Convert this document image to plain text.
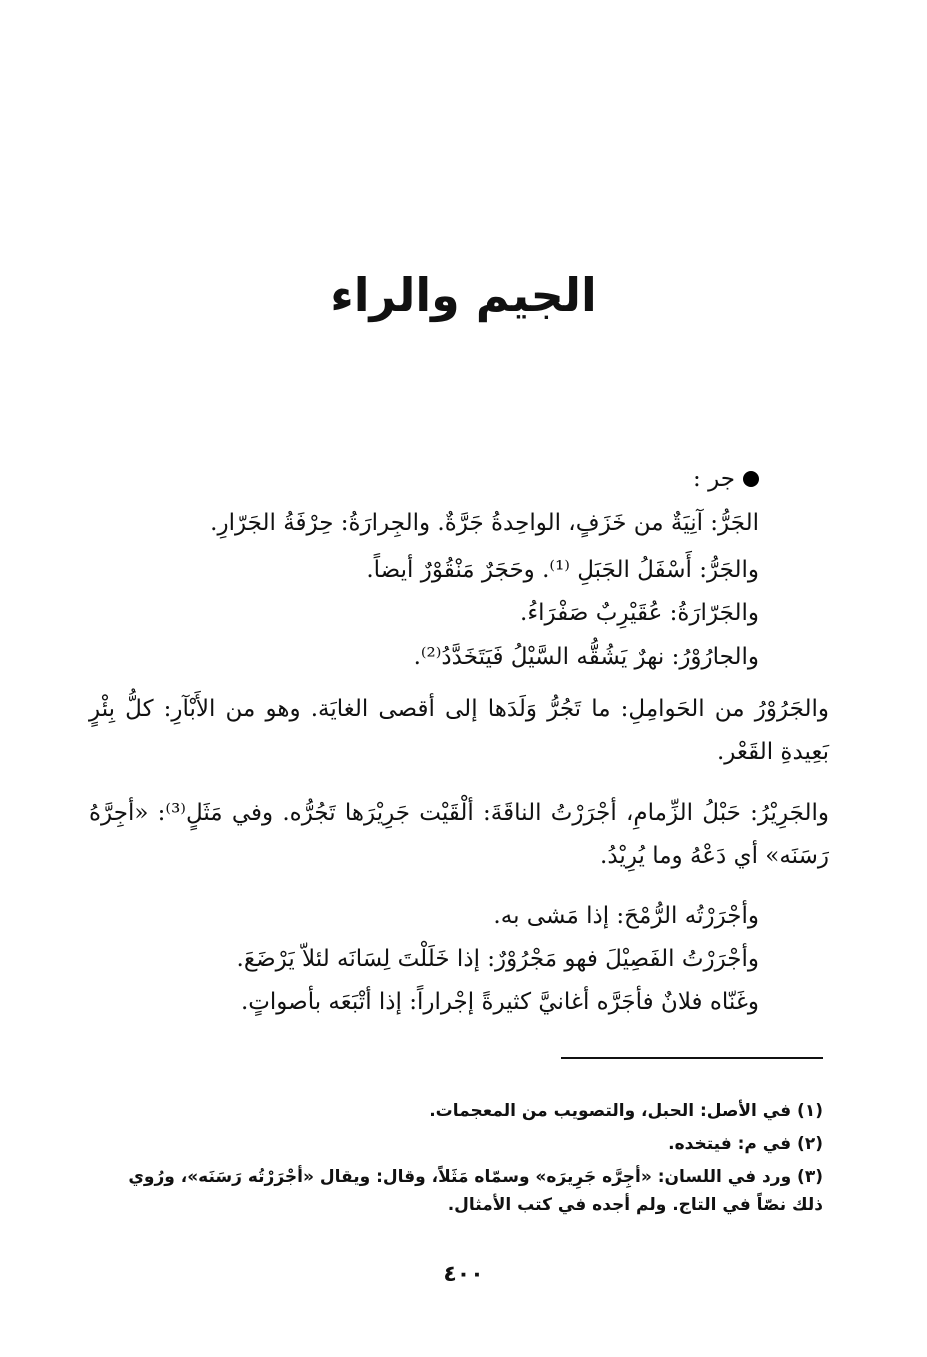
الجيم والراء
جر :

الجَرُّ: آنِيَةٌ من خَزَفٍ، الواحِدةُ جَرَّةٌ. والجِرارَةُ: حِرْفَةُ الجَرّارِ.

والجَرُّ: أَسْفَلُ الجَبَلِ ⁽¹⁾. وحَجَرٌ مَنْقُوْرٌ أيضاً.

والجَرّارَةُ: عُقَيْرِبٌ صَفْرَاءُ.

والجارُوْرُ: نهرٌ يَشُقُّه السَّيْلُ فَيَتَخَدَّدُ⁽²⁾.

والجَرُوْرُ من الحَوامِلِ: ما تَجُرُّ وَلَدَها إلى أقصى الغايَة. وهو من الأَبْآرِ: كلُّ بِئْرٍ بَعِيدةِ القَعْر.

والجَرِيْرُ: حَبْلُ الزِّمامِ، أجْرَرْتُ الناقَةَ: ألْقَيْت جَرِيْرَها تَجُرُّه. وفي مَثَلٍ⁽³⁾: «أجِرَّهُ رَسَنَه» أي دَعْهُ وما يُرِيْدُ.

وأجْرَرْتُه الرُّمْحَ: إذا مَشى به.

وأجْرَرْتُ الفَصِيْلَ فهو مَجْرُوْرٌ: إذا خَلَلْتَ لِسَانَه لئلاّ يَرْضَعَ.

وغَنّاه فلانٌ فأجَرَّه أغانيَّ كثيرةً إجْراراً: إذا أتْبَعَه بأصواتٍ.

(١) في الأصل: الحبل، والتصويب من المعجمات.

(٢) في م: فيتخده.

(٣) ورد في اللسان: «أجِرَّه جَرِيرَه» وسمّاه مَثَلاً، وقال: ويقال «أجْرَرْتُه رَسَنَه»، ورُوي ذلك نصّاً في التاج. ولم أجده في كتب الأمثال.

٤٠٠
